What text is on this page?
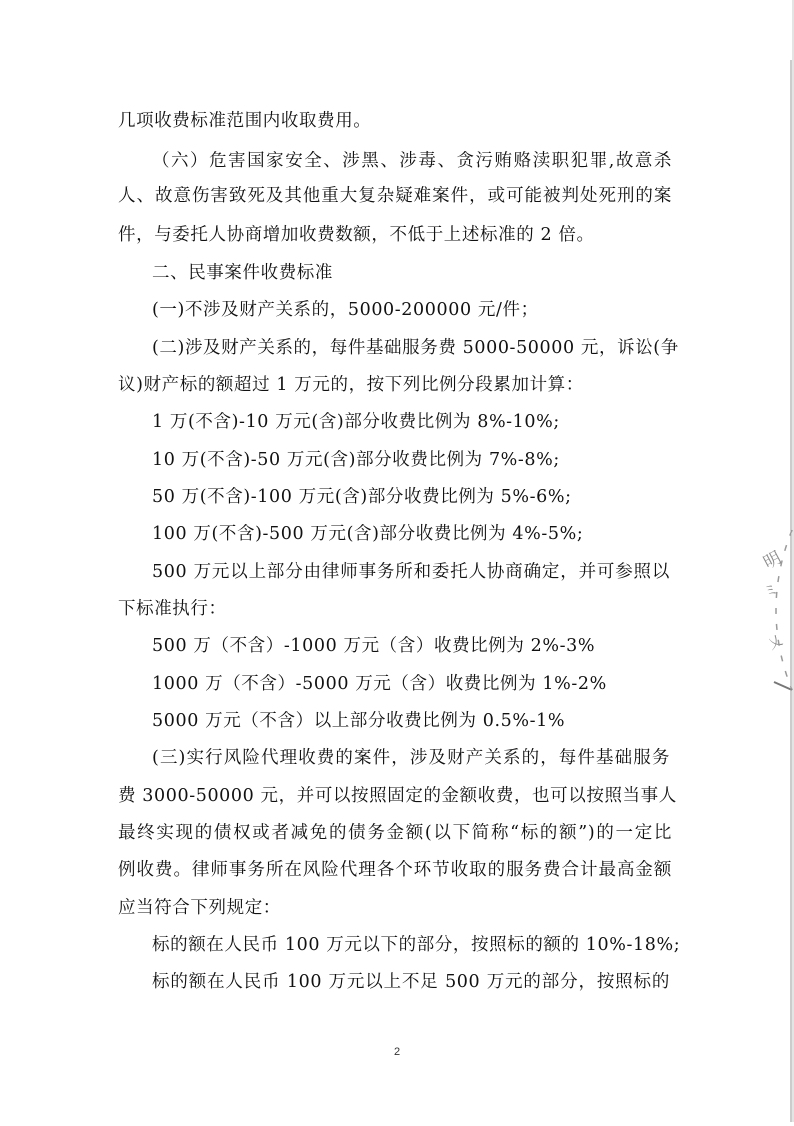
几项收费标准范围内收取费用。
（六）危害国家安全、涉黑、涉毒、贪污贿赂渎职犯罪,故意杀
人、故意伤害致死及其他重大复杂疑难案件，或可能被判处死刑的案
件，与委托人协商增加收费数额，不低于上述标准的 2 倍。
二、民事案件收费标准
(一)不涉及财产关系的，5000-200000 元/件；
(二)涉及财产关系的，每件基础服务费 5000-50000 元，诉讼(争
议)财产标的额超过 1 万元的，按下列比例分段累加计算：
1 万(不含)-10 万元(含)部分收费比例为 8%-10%;
10 万(不含)-50 万元(含)部分收费比例为 7%-8%;
50 万(不含)-100 万元(含)部分收费比例为 5%-6%;
100 万(不含)-500 万元(含)部分收费比例为 4%-5%;
500 万元以上部分由律师事务所和委托人协商确定，并可参照以
下标准执行：
500 万（不含）-1000 万元（含）收费比例为 2%-3%
1000 万（不含）-5000 万元（含）收费比例为 1%-2%
5000 万元（不含）以上部分收费比例为 0.5%-1%
(三)实行风险代理收费的案件，涉及财产关系的，每件基础服务
费 3000-50000 元，并可以按照固定的金额收费，也可以按照当事人
最终实现的债权或者减免的债务金额(以下简称“标的额”)的一定比
例收费。律师事务所在风险代理各个环节收取的服务费合计最高金额
应当符合下列规定：
标的额在人民币 100 万元以下的部分，按照标的额的 10%-18%;
标的额在人民币 100 万元以上不足 500 万元的部分，按照标的
2
明
ミ
乂
